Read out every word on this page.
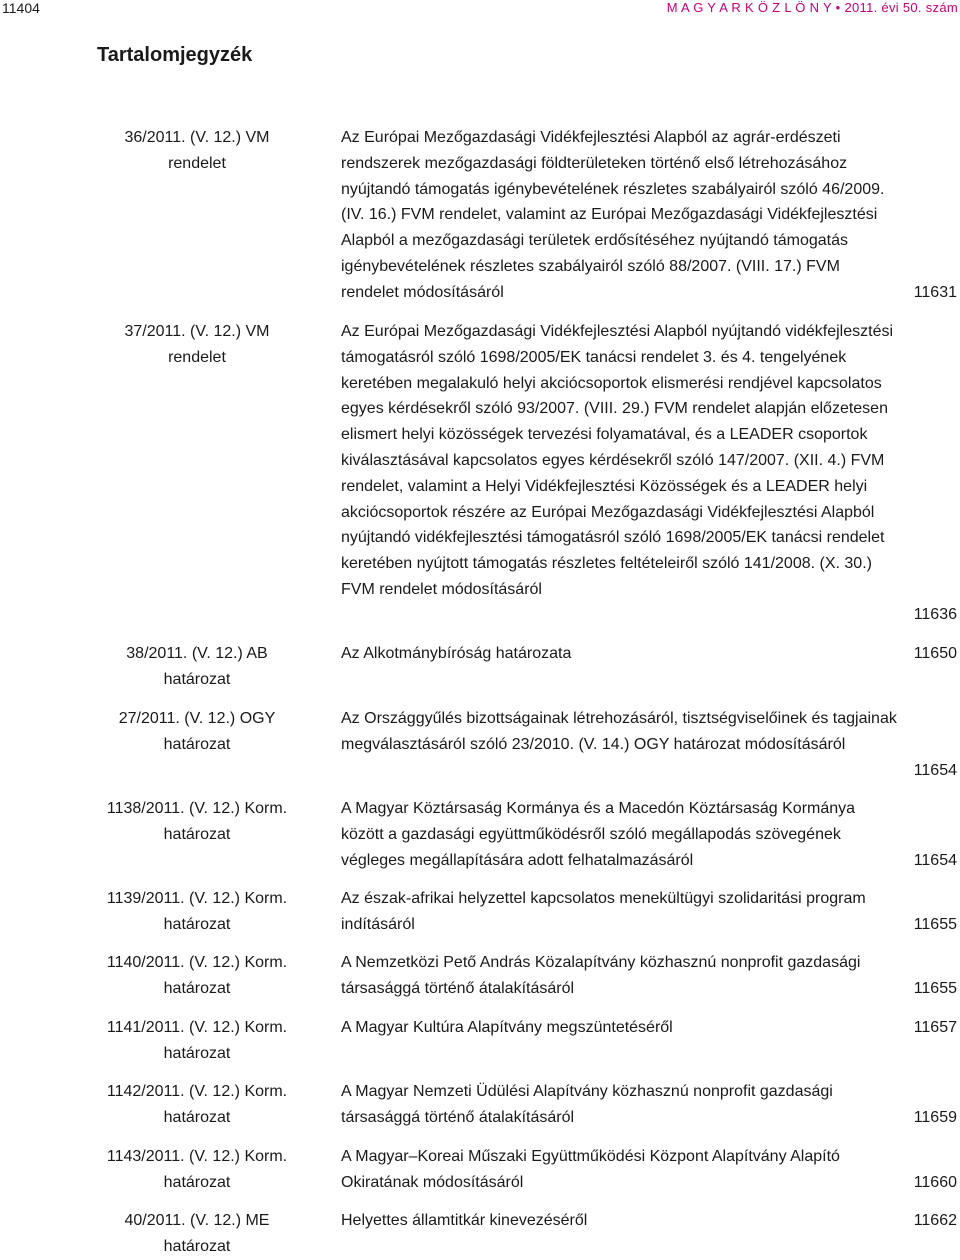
11404	M A G Y A R K Ö Z L Ö N Y • 2011. évi 50. szám
Tartalomjegyzék
36/2011. (V. 12.) VM
rendelet
Az Európai Mezőgazdasági Vidékfejlesztési Alapból az agrár-erdészeti rendszerek mezőgazdasági földterületeken történő első létrehozásához nyújtandó támogatás igénybevételének részletes szabályairól szóló 46/2009. (IV. 16.) FVM rendelet, valamint az Európai Mezőgazdasági Vidékfejlesztési Alapból a mezőgazdasági területek erdősítéséhez nyújtandó támogatás igénybevételének részletes szabályairól szóló 88/2007. (VIII. 17.) FVM rendelet módosításáról	11631
37/2011. (V. 12.) VM
rendelet
Az Európai Mezőgazdasági Vidékfejlesztési Alapból nyújtandó vidékfejlesztési támogatásról szóló 1698/2005/EK tanácsi rendelet 3. és 4. tengelyének keretében megalakuló helyi akciócsoportok elismerési rendjével kapcsolatos egyes kérdésekről szóló 93/2007. (VIII. 29.) FVM rendelet alapján előzetesen elismert helyi közösségek tervezési folyamatával, és a LEADER csoportok kiválasztásával kapcsolatos egyes kérdésekről szóló 147/2007. (XII. 4.) FVM rendelet, valamint a Helyi Vidékfejlesztési Közösségek és a LEADER helyi akciócsoportok részére az Európai Mezőgazdasági Vidékfejlesztési Alapból nyújtandó vidékfejlesztési támogatásról szóló 1698/2005/EK tanácsi rendelet keretében nyújtott támogatás részletes feltételeiről szóló 141/2008. (X. 30.) FVM rendelet módosításáról
11636
38/2011. (V. 12.) AB
határozat
Az Alkotmánybíróság határozata	11650
27/2011. (V. 12.) OGY
határozat
Az Országgyűlés bizottságainak létrehozásáról, tisztségviselőinek és tagjainak megválasztásáról szóló 23/2010. (V. 14.) OGY határozat módosításáról
11654
1138/2011. (V. 12.) Korm.
határozat
A Magyar Köztársaság Kormánya és a Macedón Köztársaság Kormánya között a gazdasági együttműködésről szóló megállapodás szövegének végleges megállapítására adott felhatalmazásáról	11654
1139/2011. (V. 12.) Korm.
határozat
Az észak-afrikai helyzettel kapcsolatos menekültügyi szolidaritási program indításáról	11655
1140/2011. (V. 12.) Korm.
határozat
A Nemzetközi Pető András Közalapítvány közhasznú nonprofit gazdasági társasággá történő átalakításáról	11655
1141/2011. (V. 12.) Korm.
határozat
A Magyar Kultúra Alapítvány megszüntetéséről	11657
1142/2011. (V. 12.) Korm.
határozat
A Magyar Nemzeti Üdülési Alapítvány közhasznú nonprofit gazdasági társasággá történő átalakításáról	11659
1143/2011. (V. 12.) Korm.
határozat
A Magyar–Koreai Műszaki Együttműködési Központ Alapítvány Alapító Okiratának módosításáról	11660
40/2011. (V. 12.) ME
határozat
Helyettes államtitkár kinevezéséről	11662
